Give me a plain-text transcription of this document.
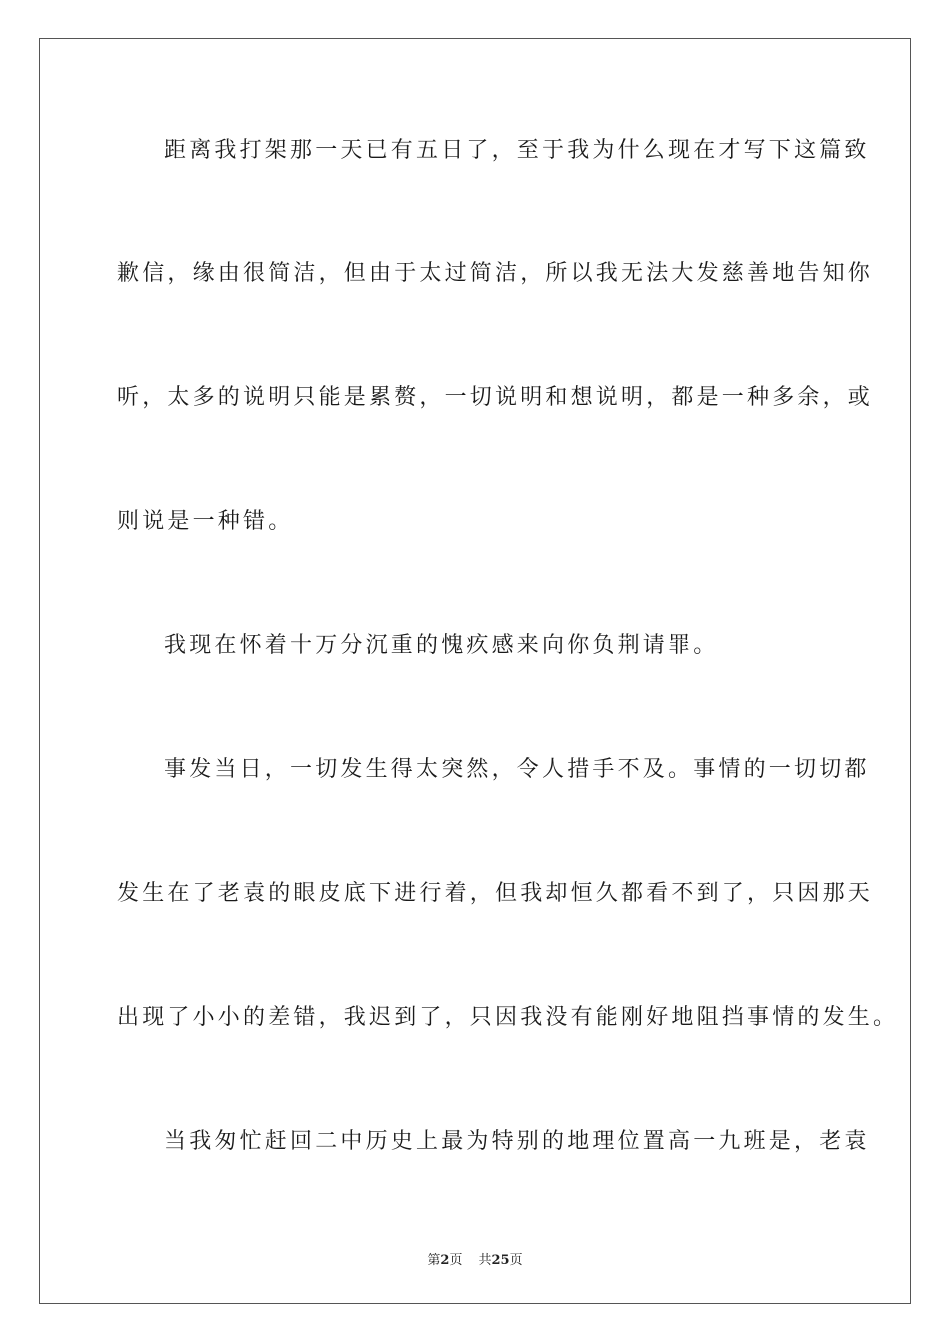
距离我打架那一天已有五日了，至于我为什么现在才写下这篇致

歉信，缘由很简洁，但由于太过简洁，所以我无法大发慈善地告知你

听，太多的说明只能是累赘，一切说明和想说明，都是一种多余，或

则说是一种错。

我现在怀着十万分沉重的愧疚感来向你负荆请罪。

事发当日，一切发生得太突然，令人措手不及。事情的一切切都

发生在了老袁的眼皮底下进行着，但我却恒久都看不到了，只因那天

出现了小小的差错，我迟到了，只因我没有能刚好地阻挡事情的发生。

当我匆忙赶回二中历史上最为特别的地理位置高一九班是，老袁

第2页 共25页
